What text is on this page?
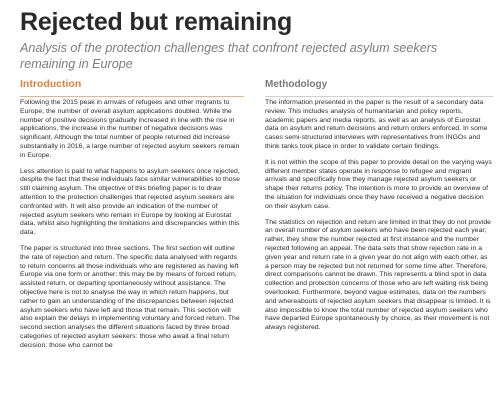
Rejected but remaining
Analysis of the protection challenges that confront rejected asylum seekers remaining in Europe
Introduction

Following the 2015 peak in arrivals of refugees and other migrants to Europe, the number of overall asylum applications doubled. While the number of positive decisions gradually increased in line with the rise in applications, the increase in the number of negative decisions was significant. Although the total number of people returned did increase substantially in 2016, a large number of rejected asylum seekers remain in Europe.

Less attention is paid to what happens to asylum seekers once rejected, despite the fact that these individuals face similar vulnerabilities to those still claiming asylum. The objective of this briefing paper is to draw attention to the protection challenges that rejected asylum seekers are confronted with. It will also provide an indication of the number of rejected asylum seekers who remain in Europe by looking at Eurostat data, whilst also highlighting the limitations and discrepancies within this data.

The paper is structured into three sections. The first section will outline the rate of rejection and return. The specific data analysed with regards to return concerns all those individuals who are registered as having left Europe via one form or another: this may be by means of forced return, assisted return, or departing spontaneously without assistance. The objective here is not to analyse the way in which return happens, but rather to gain an understanding of the discrepancies between rejected asylum seekers who have left and those that remain. This section will also explain the delays in implementing voluntary and forced return. The second section analyses the different situations faced by three broad categories of rejected asylum seekers: those who await a final return decision; those who cannot be

Methodology

The information presented in the paper is the result of a secondary data review. This includes analysis of humanitarian and policy reports, academic papers and media reports, as well as an analysis of Eurostat data on asylum and return decisions and return orders enforced. In some cases semi-structured interviews with representatives from INGOs and think tanks took place in order to validate certain findings.

It is not within the scope of this paper to provide detail on the varying ways different member states operate in response to refugee and migrant arrivals and specifically how they manage rejected asylum seekers or shape their returns policy. The intention is more to provide an overview of the situation for individuals once they have received a negative decision on their asylum case.

The statistics on rejection and return are limited in that they do not provide an overall number of asylum seekers who have been rejected each year; rather, they show the number rejected at first instance and the number rejected following an appeal. The data sets that show rejection rate in a given year and return rate in a given year do not align with each other, as a person may be rejected but not returned for some time after. Therefore, direct comparisons cannot be drawn. This represents a blind spot in data collection and protection concerns of those who are left waiting risk being overlooked. Furthermore, beyond vague estimates, data on the numbers and whereabouts of rejected asylum seekers that disappear is limited. It is also impossible to know the total number of rejected asylum seekers who have departed Europe spontaneously by choice, as their movement is not always registered.
